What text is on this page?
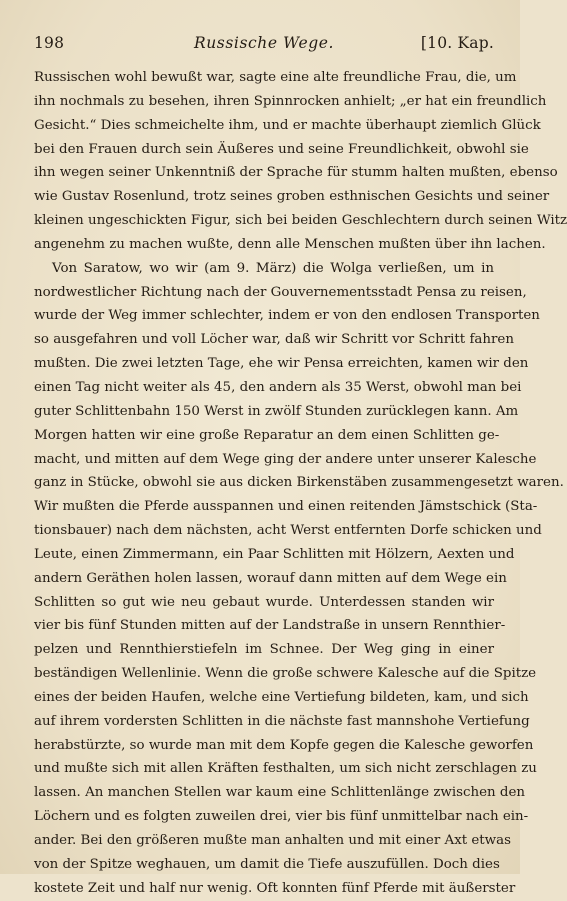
198	Russische Wege.	[10. Kap.
Russischen wohl bewußt war, sagte eine alte freundliche Frau, die, um
ihn nochmals zu besehen, ihren Spinnrocken anhielt; „er hat ein freundlich
Gesicht.“ Dies schmeichelte ihm, und er machte überhaupt ziemlich Glück
bei den Frauen durch sein Äußeres und seine Freundlichkeit, obwohl sie
ihn wegen seiner Unkenntniß der Sprache für stumm halten mußten, ebenso
wie Gustav Rosenlund, trotz seines groben esthnischen Gesichts und seiner
kleinen ungeschickten Figur, sich bei beiden Geschlechtern durch seinen Witz
angenehm zu machen wußte, denn alle Menschen mußten über ihn lachen.
Von Saratow, wo wir (am 9. März) die Wolga verließen, um in
nordwestlicher Richtung nach der Gouvernementsstadt Pensa zu reisen,
wurde der Weg immer schlechter, indem er von den endlosen Transporten
so ausgefahren und voll Löcher war, daß wir Schritt vor Schritt fahren
mußten. Die zwei letzten Tage, ehe wir Pensa erreichten, kamen wir den
einen Tag nicht weiter als 45, den andern als 35 Werst, obwohl man bei
guter Schlittenbahn 150 Werst in zwölf Stunden zurücklegen kann. Am
Morgen hatten wir eine große Reparatur an dem einen Schlitten ge-
macht, und mitten auf dem Wege ging der andere unter unserer Kalesche
ganz in Stücke, obwohl sie aus dicken Birkenstäben zusammengesetzt waren.
Wir mußten die Pferde ausspannen und einen reitenden Jämstschick (Sta-
tionsbauer) nach dem nächsten, acht Werst entfernten Dorfe schicken und
Leute, einen Zimmermann, ein Paar Schlitten mit Hölzern, Aexten und
andern Geräthen holen lassen, worauf dann mitten auf dem Wege ein
Schlitten so gut wie neu gebaut wurde. Unterdessen standen wir
vier bis fünf Stunden mitten auf der Landstraße in unsern Rennthier-
pelzen und Rennthierstiefeln im Schnee. Der Weg ging in einer
beständigen Wellenlinie. Wenn die große schwere Kalesche auf die Spitze
eines der beiden Haufen, welche eine Vertiefung bildeten, kam, und sich
auf ihrem vordersten Schlitten in die nächste fast mannshohe Vertiefung
herabstürzte, so wurde man mit dem Kopfe gegen die Kalesche geworfen
und mußte sich mit allen Kräften festhalten, um sich nicht zerschlagen zu
lassen. An manchen Stellen war kaum eine Schlittenlänge zwischen den
Löchern und es folgten zuweilen drei, vier bis fünf unmittelbar nach ein-
ander. Bei den größeren mußte man anhalten und mit einer Axt etwas
von der Spitze weghauen, um damit die Tiefe auszufüllen. Doch dies
kostete Zeit und half nur wenig. Oft konnten fünf Pferde mit äußerster
